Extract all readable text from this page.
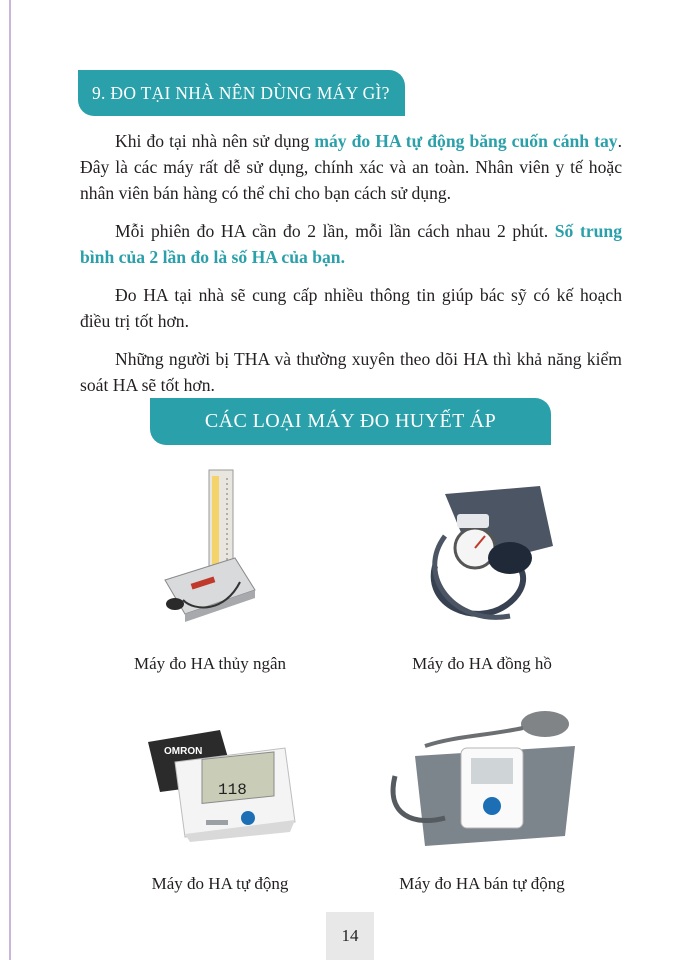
9. ĐO TẠI NHÀ NÊN DÙNG MÁY GÌ?

Khi đo tại nhà nên sử dụng máy đo HA tự động băng cuốn cánh tay. Đây là các máy rất dễ sử dụng, chính xác và an toàn. Nhân viên y tế hoặc nhân viên bán hàng có thể chỉ cho bạn cách sử dụng.

Mỗi phiên đo HA cần đo 2 lần, mỗi lần cách nhau 2 phút. Số trung bình của 2 lần đo là số HA của bạn.

Đo HA tại nhà sẽ cung cấp nhiều thông tin giúp bác sỹ có kế hoạch điều trị tốt hơn.

Những người bị THA và thường xuyên theo dõi HA thì khả năng kiểm soát HA sẽ tốt hơn.

CÁC LOẠI MÁY ĐO HUYẾT ÁP
Máy đo HA thủy ngân	Máy đo HA đồng hồ
OMRON
118
Máy đo HA tự động	Máy đo HA bán tự động
14
